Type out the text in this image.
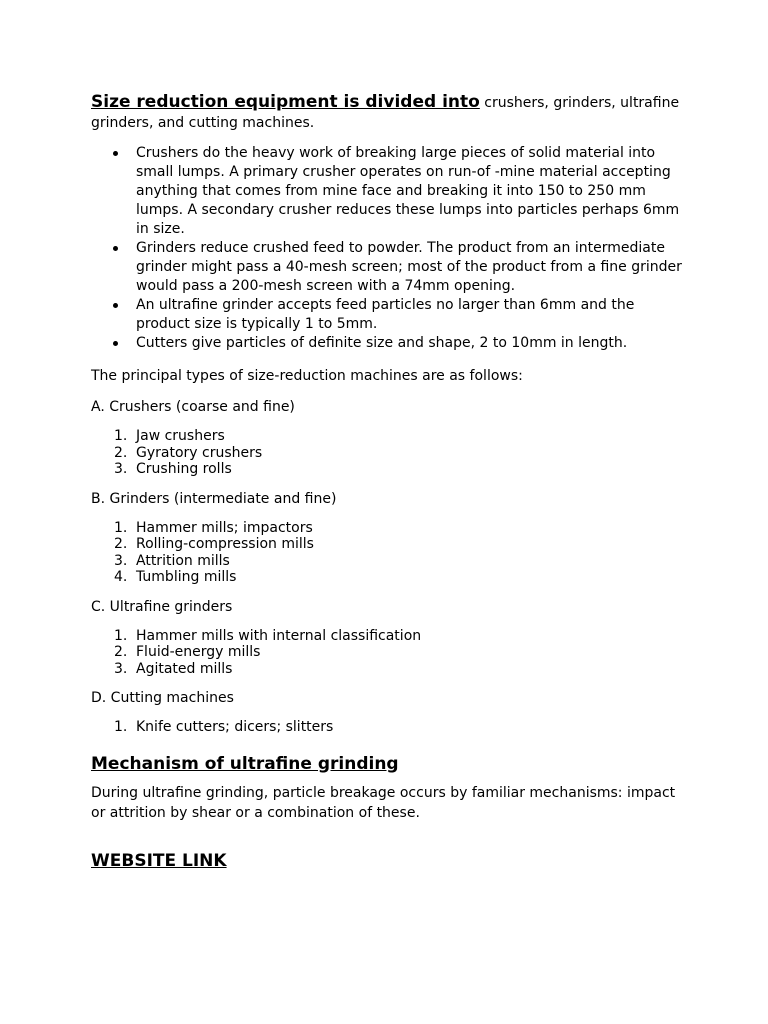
Size reduction equipment is divided into crushers, grinders, ultrafine grinders, and cutting machines.

Crushers do the heavy work of breaking large pieces of solid material into small lumps. A primary crusher operates on run-of -mine material accepting anything that comes from mine face and breaking it into 150 to 250 mm lumps. A secondary crusher reduces these lumps into particles perhaps 6mm in size.
Grinders reduce crushed feed to powder. The product from an intermediate grinder might pass a 40-mesh screen; most of the product from a fine grinder would pass a 200-mesh screen with a 74mm opening.
An ultrafine grinder accepts feed particles no larger than 6mm and the product size is typically 1 to 5mm.
Cutters give particles of definite size and shape, 2 to 10mm in length.

The principal types of size-reduction machines are as follows:

A. Crushers (coarse and fine)

1. Jaw crushers
2. Gyratory crushers
3. Crushing rolls

B. Grinders (intermediate and fine)

1. Hammer mills; impactors
2. Rolling-compression mills
3. Attrition mills
4. Tumbling mills

C. Ultrafine grinders

1. Hammer mills with internal classification
2. Fluid-energy mills
3. Agitated mills

D. Cutting machines

1. Knife cutters; dicers; slitters
Mechanism of ultrafine grinding

During ultrafine grinding, particle breakage occurs by familiar mechanisms: impact or attrition by shear or a combination of these.

WEBSITE LINK
